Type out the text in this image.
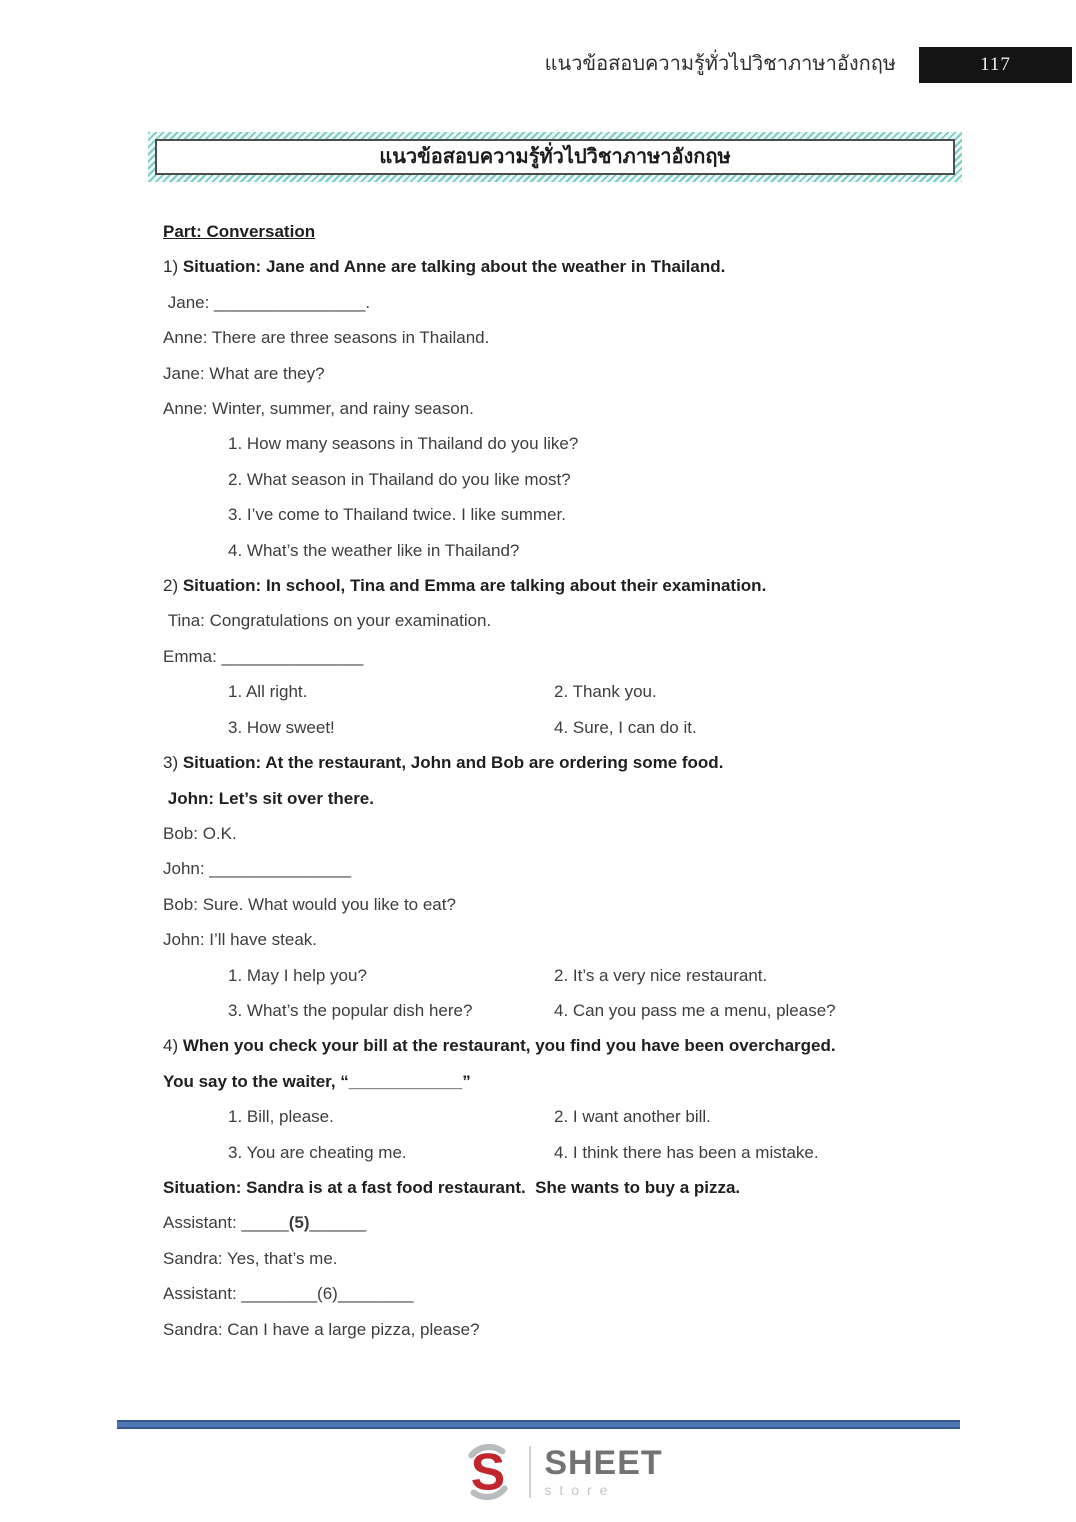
แนวข้อสอบความรู้ทั่วไปวิชาภาษาอังกฤษ	117
แนวข้อสอบความรู้ทั่วไปวิชาภาษาอังกฤษ

Part: Conversation

1) Situation: Jane and Anne are talking about the weather in Thailand.

Jane: ________________.

Anne: There are three seasons in Thailand.

Jane: What are they?

Anne: Winter, summer, and rainy season.

1. How many seasons in Thailand do you like?

2. What season in Thailand do you like most?

3. I’ve come to Thailand twice. I like summer.

4. What’s the weather like in Thailand?

2) Situation: In school, Tina and Emma are talking about their examination.

Tina: Congratulations on your examination.

Emma: _______________

1. All right.	2. Thank you.
3. How sweet!	4. Sure, I can do it.

3) Situation: At the restaurant, John and Bob are ordering some food.

John: Let’s sit over there.

Bob: O.K.

John: _______________

Bob: Sure. What would you like to eat?

John: I’ll have steak.

1. May I help you?	2. It’s a very nice restaurant.
3. What’s the popular dish here?	4. Can you pass me a menu, please?

4) When you check your bill at the restaurant, you find you have been overcharged.

You say to the waiter, “____________”

1. Bill, please.	2. I want another bill.
3. You are cheating me.	4. I think there has been a mistake.

Situation: Sandra is at a fast food restaurant.  She wants to buy a pizza.

Assistant: _____(5)______

Sandra: Yes, that’s me.

Assistant: ________(6)________

Sandra: Can I have a large pizza, please?

S SHEET
store
